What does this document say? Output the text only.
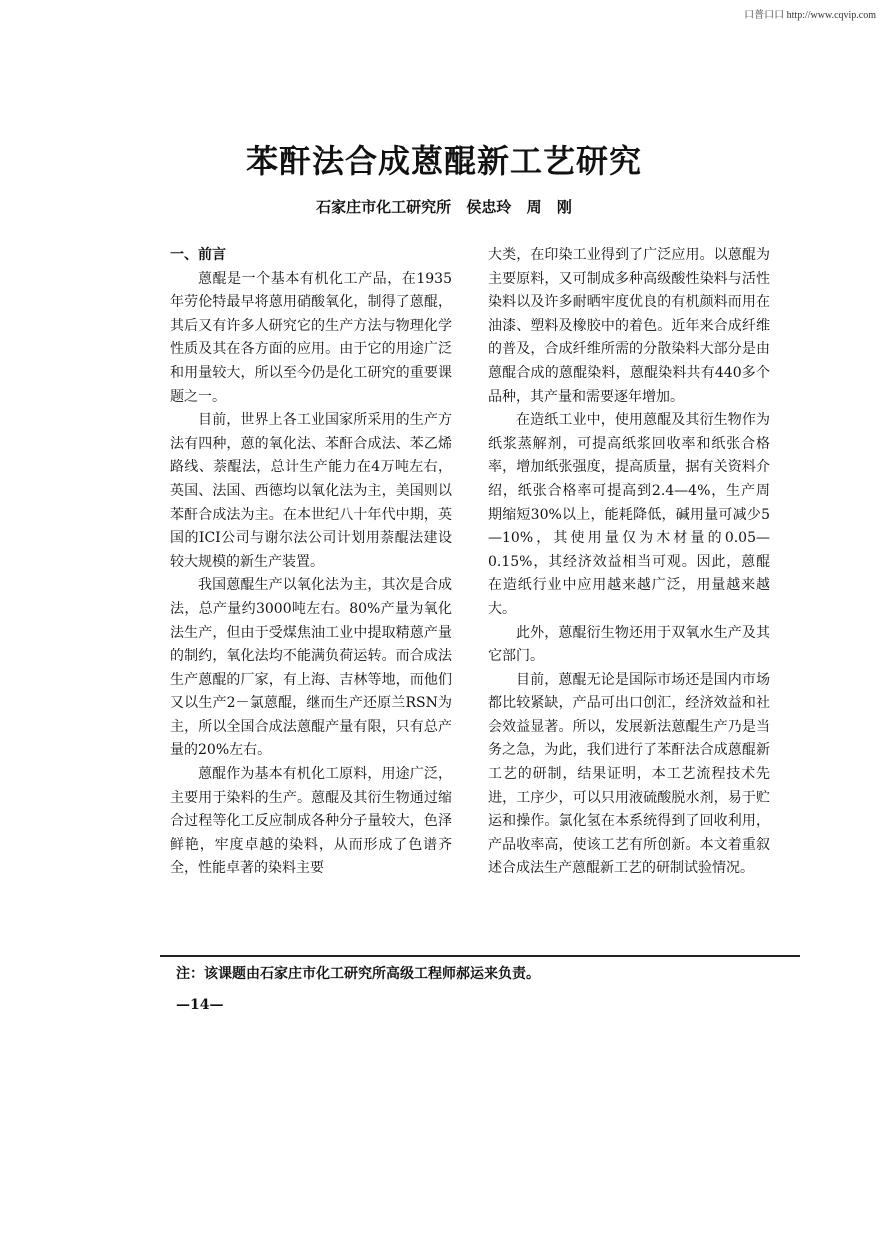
口普口口 http://www.cqvip.com
苯酐法合成蒽醌新工艺研究
石家庄市化工研究所 侯忠玲 周 刚
一、前言

蒽醌是一个基本有机化工产品，在1935年劳伦特最早将蒽用硝酸氧化，制得了蒽醌，其后又有许多人研究它的生产方法与物理化学性质及其在各方面的应用。由于它的用途广泛和用量较大，所以至今仍是化工研究的重要课题之一。

目前，世界上各工业国家所采用的生产方法有四种，蒽的氧化法、苯酐合成法、苯乙烯路线、萘醌法，总计生产能力在4万吨左右，英国、法国、西德均以氧化法为主，美国则以苯酐合成法为主。在本世纪八十年代中期，英国的ICI公司与谢尔法公司计划用萘醌法建设较大规模的新生产装置。

我国蒽醌生产以氧化法为主，其次是合成法，总产量约3000吨左右。80%产量为氧化法生产，但由于受煤焦油工业中提取精蒽产量的制约，氧化法均不能满负荷运转。而合成法生产蒽醌的厂家，有上海、吉林等地，而他们又以生产2－氯蒽醌，继而生产还原兰RSN为主，所以全国合成法蒽醌产量有限，只有总产量的20%左右。

蒽醌作为基本有机化工原料，用途广泛，主要用于染料的生产。蒽醌及其衍生物通过缩合过程等化工反应制成各种分子量较大，色泽鲜艳，牢度卓越的染料，从而形成了色谱齐全，性能卓著的染料主要

大类，在印染工业得到了广泛应用。以蒽醌为主要原料，又可制成多种高级酸性染料与活性染料以及许多耐晒牢度优良的有机颜料而用在油漆、塑料及橡胶中的着色。近年来合成纤维的普及，合成纤维所需的分散染料大部分是由蒽醌合成的蒽醌染料，蒽醌染料共有440多个品种，其产量和需要逐年增加。

在造纸工业中，使用蒽醌及其衍生物作为纸浆蒸解剂，可提高纸浆回收率和纸张合格率，增加纸张强度，提高质量，据有关资料介绍，纸张合格率可提高到2.4—4%，生产周期缩短30%以上，能耗降低，碱用量可减少5—10%，其使用量仅为木材量的0.05—0.15%，其经济效益相当可观。因此，蒽醌在造纸行业中应用越来越广泛，用量越来越大。

此外，蒽醌衍生物还用于双氧水生产及其它部门。

目前，蒽醌无论是国际市场还是国内市场都比较紧缺，产品可出口创汇，经济效益和社会效益显著。所以，发展新法蒽醌生产乃是当务之急，为此，我们进行了苯酐法合成蒽醌新工艺的研制，结果证明，本工艺流程技术先进，工序少，可以只用液硫酸脱水剂，易于贮运和操作。氯化氢在本系统得到了回收利用，产品收率高，使该工艺有所创新。本文着重叙述合成法生产蒽醌新工艺的研制试验情况。

注：该课题由石家庄市化工研究所高级工程师郝运来负责。
—14—
